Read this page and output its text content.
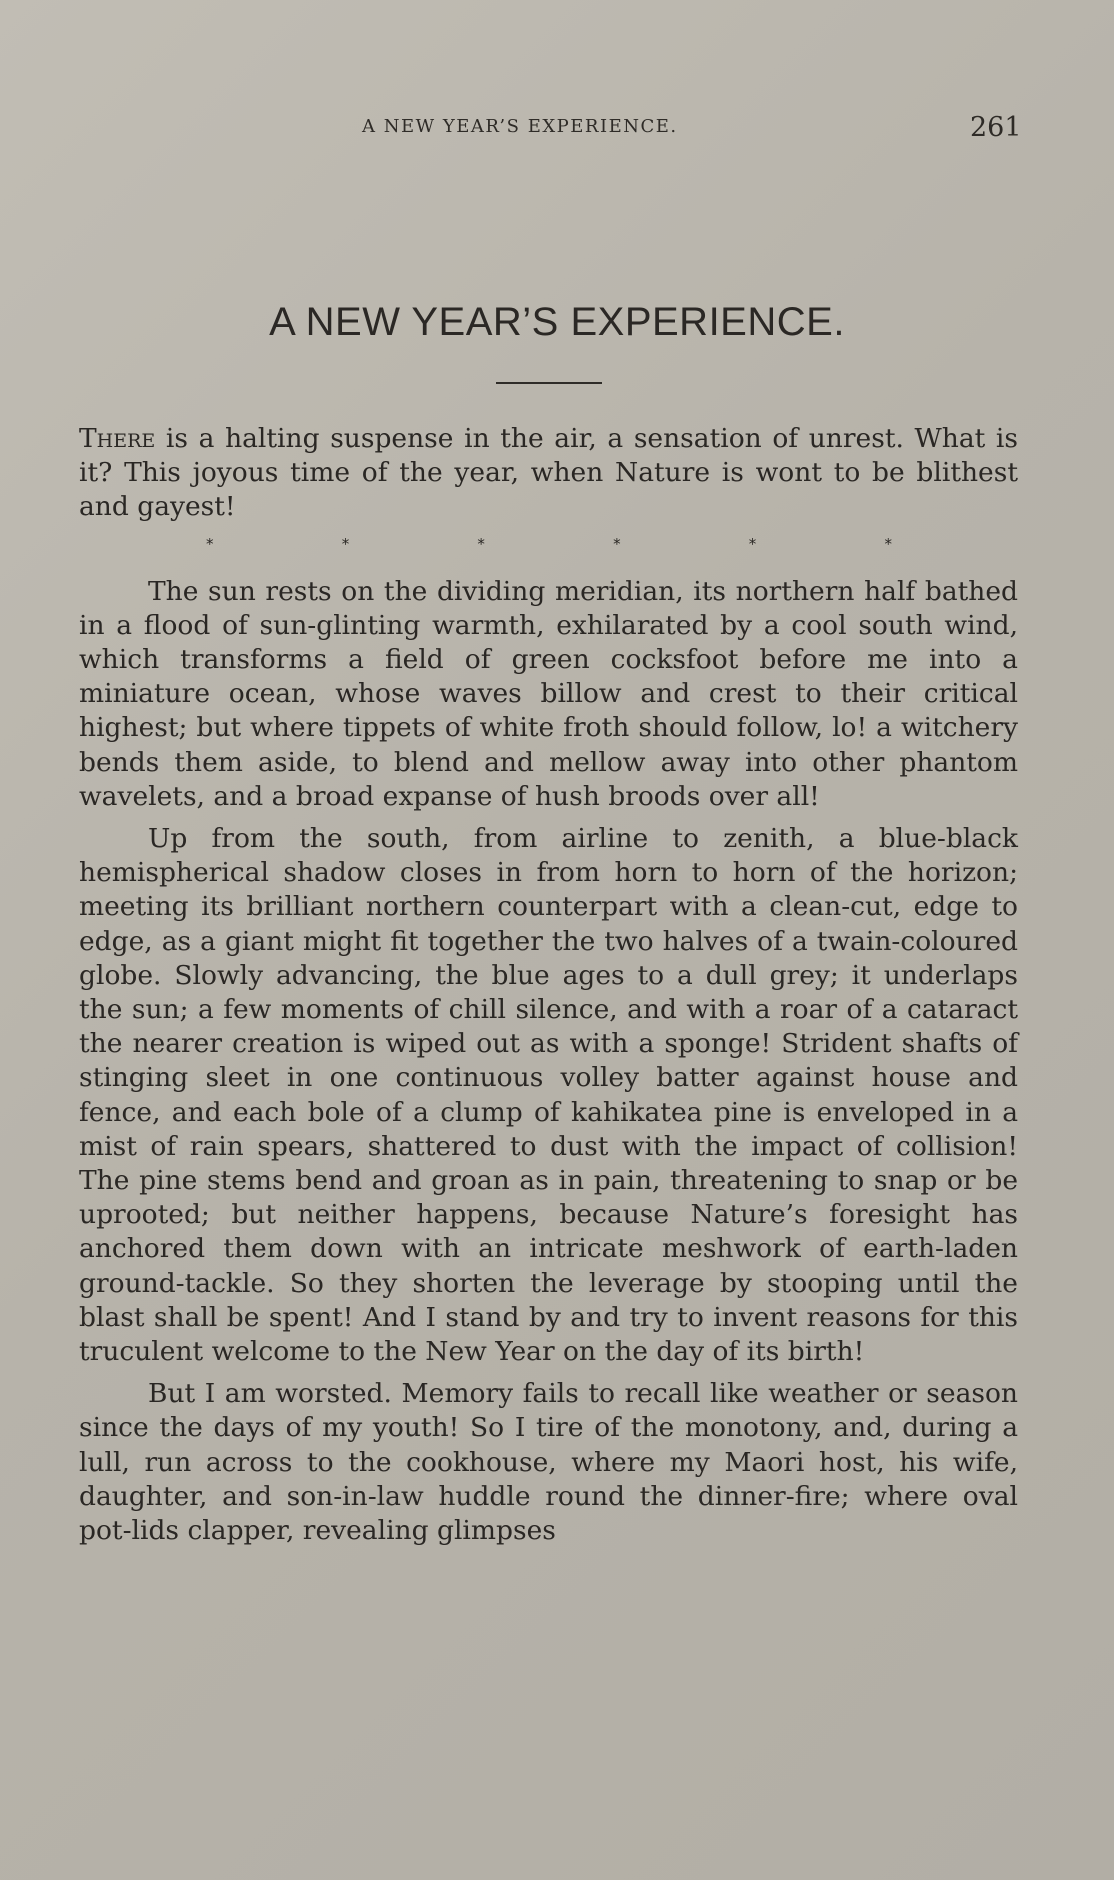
A NEW YEAR’S EXPERIENCE.	261
A NEW YEAR’S EXPERIENCE.

There is a halting suspense in the air, a sensation of unrest. What is it? This joyous time of the year, when Nature is wont to be blithest and gayest!

*	*	*	*	*	*

The sun rests on the dividing meridian, its northern half bathed in a flood of sun-glinting warmth, exhilarated by a cool south wind, which transforms a field of green cocksfoot before me into a miniature ocean, whose waves billow and crest to their critical highest; but where tippets of white froth should follow, lo! a witchery bends them aside, to blend and mellow away into other phantom wavelets, and a broad expanse of hush broods over all!

Up from the south, from airline to zenith, a blue-black hemispherical shadow closes in from horn to horn of the horizon; meeting its brilliant northern counterpart with a clean-cut, edge to edge, as a giant might fit together the two halves of a twain-coloured globe. Slowly advancing, the blue ages to a dull grey; it underlaps the sun; a few moments of chill silence, and with a roar of a cataract the nearer creation is wiped out as with a sponge! Strident shafts of stinging sleet in one continuous volley batter against house and fence, and each bole of a clump of kahikatea pine is enveloped in a mist of rain spears, shattered to dust with the impact of collision! The pine stems bend and groan as in pain, threatening to snap or be uprooted; but neither happens, because Nature’s foresight has anchored them down with an intricate meshwork of earth-laden ground-tackle. So they shorten the leverage by stooping until the blast shall be spent! And I stand by and try to invent reasons for this truculent welcome to the New Year on the day of its birth!

But I am worsted. Memory fails to recall like weather or season since the days of my youth! So I tire of the monotony, and, during a lull, run across to the cookhouse, where my Maori host, his wife, daughter, and son-in-law huddle round the dinner-fire; where oval pot-lids clapper, revealing glimpses
